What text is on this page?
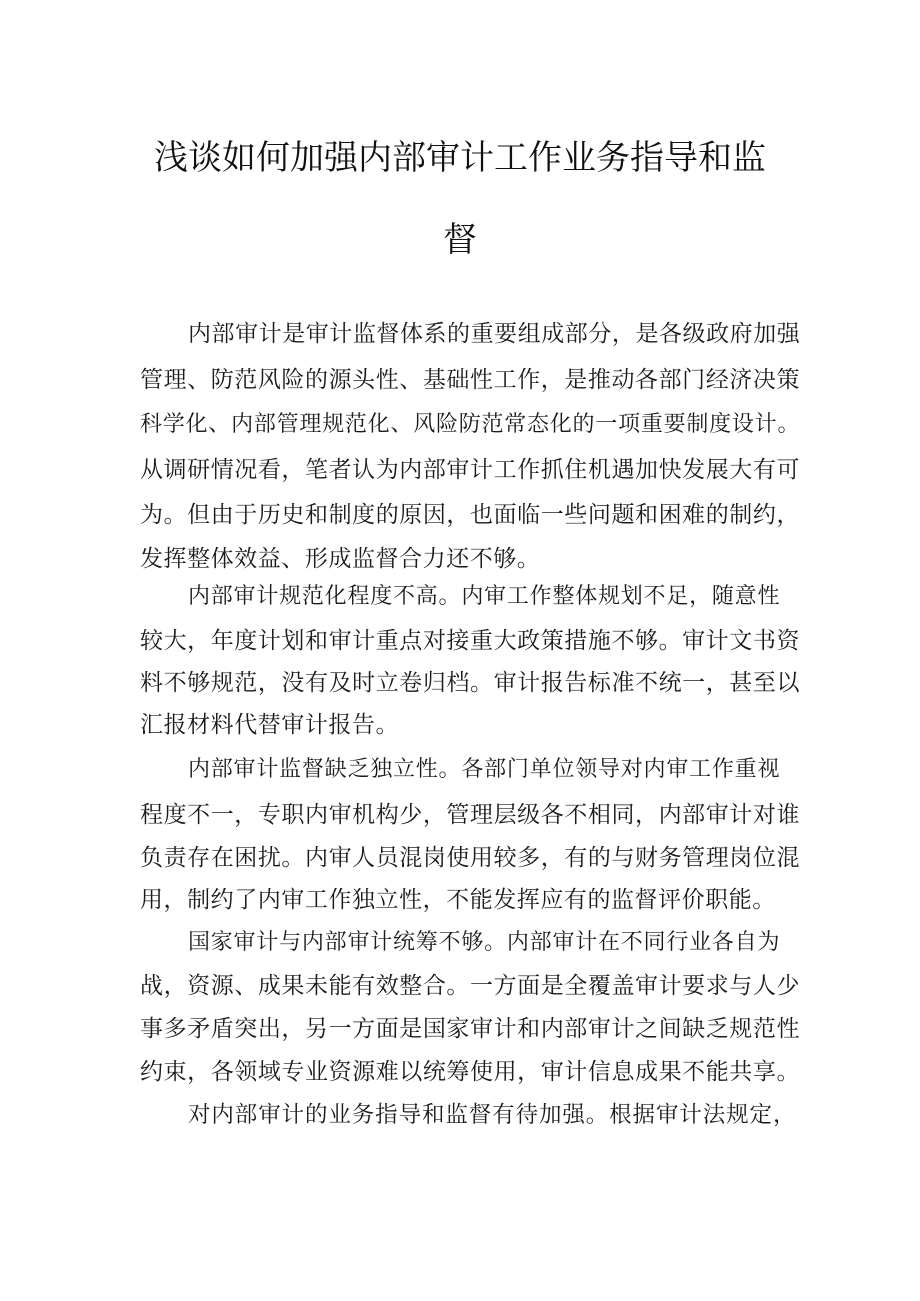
浅谈如何加强内部审计工作业务指导和监
督
内部审计是审计监督体系的重要组成部分，是各级政府加强
管理、防范风险的源头性、基础性工作，是推动各部门经济决策
科学化、内部管理规范化、风险防范常态化的一项重要制度设计。
从调研情况看，笔者认为内部审计工作抓住机遇加快发展大有可
为。但由于历史和制度的原因，也面临一些问题和困难的制约，
发挥整体效益、形成监督合力还不够。
内部审计规范化程度不高。内审工作整体规划不足，随意性
较大，年度计划和审计重点对接重大政策措施不够。审计文书资
料不够规范，没有及时立卷归档。审计报告标准不统一，甚至以
汇报材料代替审计报告。
内部审计监督缺乏独立性。各部门单位领导对内审工作重视
程度不一，专职内审机构少，管理层级各不相同，内部审计对谁
负责存在困扰。内审人员混岗使用较多，有的与财务管理岗位混
用，制约了内审工作独立性，不能发挥应有的监督评价职能。
国家审计与内部审计统筹不够。内部审计在不同行业各自为
战，资源、成果未能有效整合。一方面是全覆盖审计要求与人少
事多矛盾突出，另一方面是国家审计和内部审计之间缺乏规范性
约束，各领域专业资源难以统筹使用，审计信息成果不能共享。
对内部审计的业务指导和监督有待加强。根据审计法规定，
